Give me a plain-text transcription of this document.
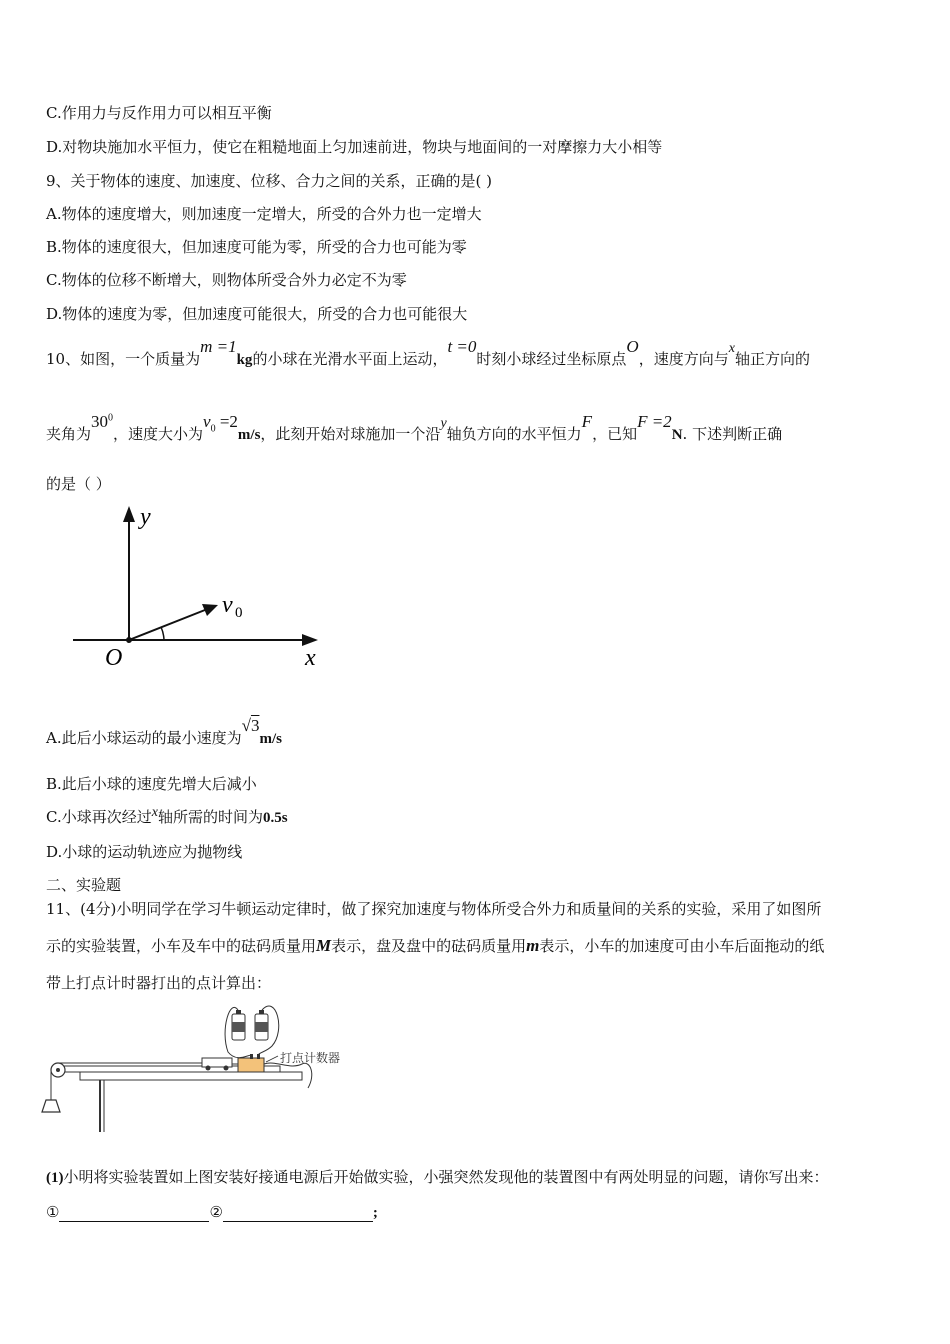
C.作用力与反作用力可以相互平衡
D.对物块施加水平恒力，使它在粗糙地面上匀加速前进，物块与地面间的一对摩擦力大小相等
9、关于物体的速度、加速度、位移、合力之间的关系，正确的是( )
A.物体的速度增大，则加速度一定增大，所受的合外力也一定增大
B.物体的速度很大，但加速度可能为零，所受的合力也可能为零
C.物体的位移不断增大，则物体所受合外力必定不为零
D.物体的速度为零，但加速度可能很大，所受的合力也可能很大
10、如图，一个质量为m =1kg的小球在光滑水平面上运动，t =0时刻小球经过坐标原点O，速度方向与x轴正方向的
夹角为$30^0$，速度大小为$v_0 =2m/s$，此刻开始对球施加一个沿y轴负方向的水平恒力F，已知F =2N. 下述判断正确
的是（ ）
y
x
O
v 0
A.此后小球运动的最小速度为√3m/s
B.此后小球的速度先增大后减小
C.小球再次经过x轴所需的时间为0.5s
D.小球的运动轨迹应为抛物线
二、实验题
11、(4分)小明同学在学习牛顿运动定律时，做了探究加速度与物体所受合外力和质量间的关系的实验，采用了如图所
示的实验装置，小车及车中的砝码质量用M表示，盘及盘中的砝码质量用m表示，小车的加速度可由小车后面拖动的纸
带上打点计时器打出的点计算出：
打点计数器
(1)小明将实验装置如上图安装好接通电源后开始做实验，小强突然发现他的装置图中有两处明显的问题，请你写出来：
①	②	;
